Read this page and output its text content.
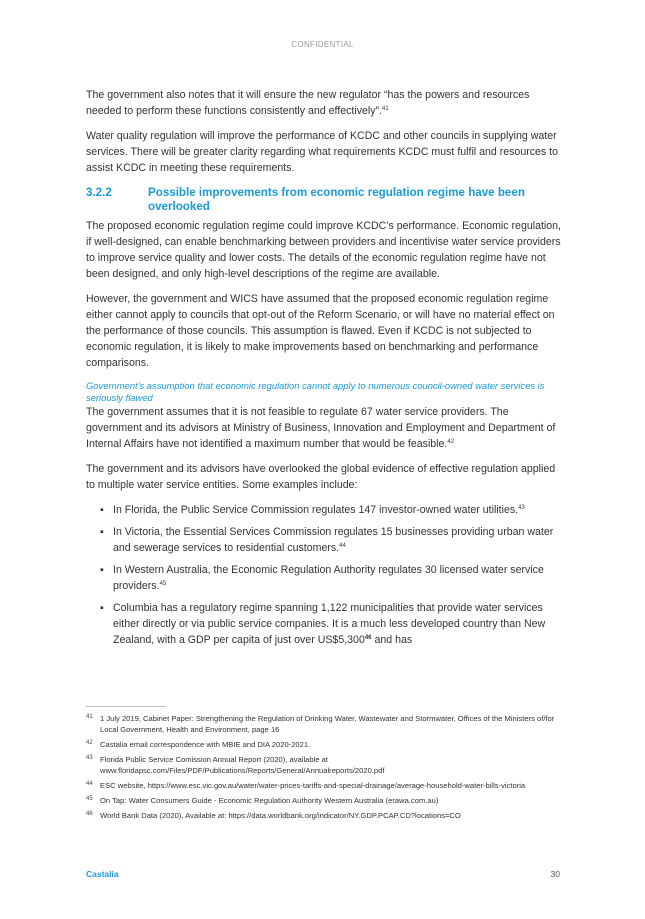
CONFIDENTIAL

The government also notes that it will ensure the new regulator “has the powers and resources needed to perform these functions consistently and effectively”.$^{41}$

Water quality regulation will improve the performance of KCDC and other councils in supplying water services. There will be greater clarity regarding what requirements KCDC must fulfil and resources to assist KCDC in meeting these requirements.

3.2.2	Possible improvements from economic regulation regime have been overlooked

The proposed economic regulation regime could improve KCDC’s performance. Economic regulation, if well-designed, can enable benchmarking between providers and incentivise water service providers to improve service quality and lower costs. The details of the economic regulation regime have not been designed, and only high-level descriptions of the regime are available.

However, the government and WICS have assumed that the proposed economic regulation regime either cannot apply to councils that opt-out of the Reform Scenario, or will have no material effect on the performance of those councils. This assumption is flawed. Even if KCDC is not subjected to economic regulation, it is likely to make improvements based on benchmarking and performance comparisons.

Government’s assumption that economic regulation cannot apply to numerous council-owned water services is seriously flawed

The government assumes that it is not feasible to regulate 67 water service providers. The government and its advisors at Ministry of Business, Innovation and Employment and Department of Internal Affairs have not identified a maximum number that would be feasible.$^{42}$

The government and its advisors have overlooked the global evidence of effective regulation applied to multiple water service entities. Some examples include:

▪ In Florida, the Public Service Commission regulates 147 investor-owned water utilities.$^{43}$
▪ In Victoria, the Essential Services Commission regulates 15 businesses providing urban water and sewerage services to residential customers.$^{44}$
▪ In Western Australia, the Economic Regulation Authority regulates 30 licensed water service providers.$^{45}$
▪ Columbia has a regulatory regime spanning 1,122 municipalities that provide water services either directly or via public service companies. It is a much less developed country than New Zealand, with a GDP per capita of just over US$5,300$^{46}$ and has
41 1 July 2019, Cabinet Paper: Strengthening the Regulation of Drinking Water, Wastewater and Stormwater, Offices of the Ministers of/for Local Government, Health and Environment, page 16
42 Castalia email correspondence with MBIE and DIA 2020-2021.
43 Florida Public Service Comission Annual Report (2020), available at www.floridapsc.com/Files/PDF/Publications/Reports/General/Annualreports/2020.pdf
44 ESC website, https://www.esc.vic.gov.au/water/water-prices-tariffs-and-special-drainage/average-household-water-bills-victoria
45 On Tap: Water Consumers Guide - Economic Regulation Authority Western Australia (erawa.com.au)
46 World Bank Data (2020), Available at: https://data.worldbank.org/indicator/NY.GDP.PCAP.CD?locations=CO
Castalia	30
